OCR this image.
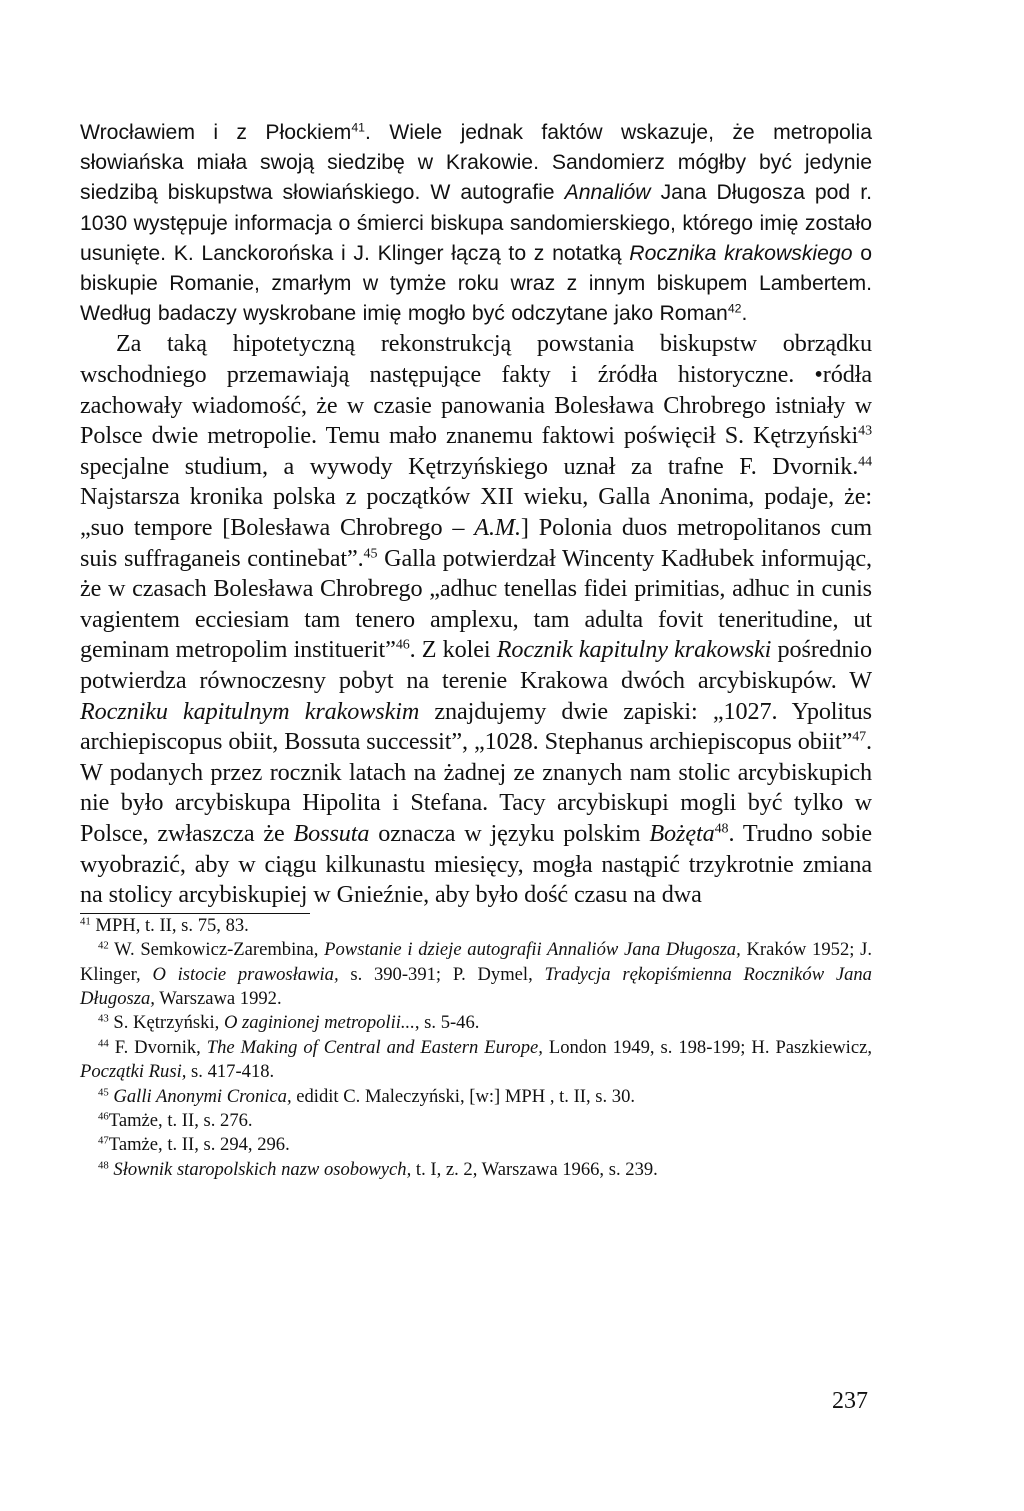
Wrocławiem i z Płockiem$^{41}$. Wiele jednak faktów wskazuje, że metropolia słowiańska miała swoją siedzibę w Krakowie. Sandomierz mógłby być jedynie siedzibą biskupstwa słowiańskiego. W autografie Annaliów Jana Długosza pod r. 1030 występuje informacja o śmierci biskupa sandomierskiego, którego imię zostało usunięte. K. Lanckorońska i J. Klinger łączą to z notatką Rocznika krakowskiego o biskupie Romanie, zmarłym w tymże roku wraz z innym biskupem Lambertem. Według badaczy wyskrobane imię mogło być odczytane jako Roman$^{42}$.
Za taką hipotetyczną rekonstrukcją powstania biskupstw obrządku wschodniego przemawiają następujące fakty i źródła historyczne. •ródła zachowały wiadomość, że w czasie panowania Bolesława Chrobrego istniały w Polsce dwie metropolie. Temu mało znanemu faktowi poświęcił S. Kętrzyński$^{43}$ specjalne studium, a wywody Kętrzyńskiego uznał za trafne F. Dvornik.$^{44}$ Najstarsza kronika polska z początków XII wieku, Galla Anonima, podaje, że: „suo tempore [Bolesława Chrobrego – A.M.] Polonia duos metropolitanos cum suis suffraganeis continebat”.$^{45}$ Galla potwierdzał Wincenty Kadłubek informując, że w czasach Bolesława Chrobrego „adhuc tenellas fidei primitias, adhuc in cunis vagientem ecciesiam tam tenero amplexu, tam adulta fovit teneritudine, ut geminam metropolim instituerit”$^{46}$. Z kolei Rocznik kapitulny krakowski pośrednio potwierdza równoczesny pobyt na terenie Krakowa dwóch arcybiskupów. W Roczniku kapitulnym krakowskim znajdujemy dwie zapiski: „1027. Ypolitus archiepiscopus obiit, Bossuta successit”, „1028. Stephanus archiepiscopus obiit”$^{47}$. W podanych przez rocznik latach na żadnej ze znanych nam stolic arcybiskupich nie było arcybiskupa Hipolita i Stefana. Tacy arcybiskupi mogli być tylko w Polsce, zwłaszcza że Bossuta oznacza w języku polskim Bożęta$^{48}$. Trudno sobie wyobrazić, aby w ciągu kilkunastu miesięcy, mogła nastąpić trzykrotnie zmiana na stolicy arcybiskupiej w Gnieźnie, aby było dość czasu na dwa
$^{41}$ MPH, t. II, s. 75, 83.
$^{42}$ W. Semkowicz-Zarembina, Powstanie i dzieje autografii Annaliów Jana Długosza, Kraków 1952; J. Klinger, O istocie prawosławia, s. 390-391; P. Dymel, Tradycja rękopiśmienna Roczników Jana Długosza, Warszawa 1992.
$^{43}$ S. Kętrzyński, O zaginionej metropolii..., s. 5-46.
$^{44}$ F. Dvornik, The Making of Central and Eastern Europe, London 1949, s. 198-199; H. Paszkiewicz, Początki Rusi, s. 417-418.
$^{45}$ Galli Anonymi Cronica, edidit C. Maleczyński, [w:] MPH , t. II, s. 30.
$^{46}$Tamże, t. II, s. 276.
$^{47}$Tamże, t. II, s. 294, 296.
$^{48}$ Słownik staropolskich nazw osobowych, t. I, z. 2, Warszawa 1966, s. 239.
237
